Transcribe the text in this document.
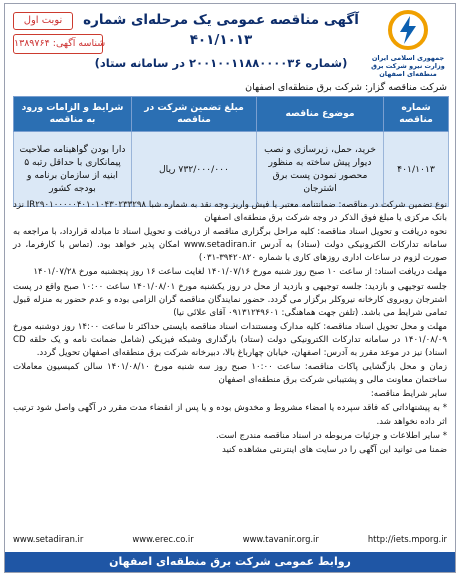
جمهوری اسلامی ایران وزارت نیرو شرکت برق منطقه‌ای اصفهان
آگهی مناقصه عمومی یک مرحله‌ای شماره ۴۰۱/۱۰۱۳
(شماره ۲۰۰۱۰۰۱۱۸۸۰۰۰۰۳۶ در سامانه ستاد)
نوبت اول
شناسه آگهی: ۱۳۸۹۷۶۴
شرکت مناقصه گزار: شرکت برق منطقه‌ای اصفهان
شماره مناقصه	موضوع مناقصه	مبلغ تضمین شرکت در مناقصه	شرایط و الزامات ورود به مناقصه
۴۰۱/۱۰۱۳	خرید، حمل، زیرسازی و نصب دیوار پیش ساخته به منظور محصور نمودن پست برق اشترجان	۷۳۲/۰۰۰/۰۰۰ ریال	دارا بودن گواهینامه صلاحیت پیمانکاری با حداقل رتبه ۵ ابنیه از سازمان برنامه و بودجه کشور

نوع تضمین شرکت در مناقصه: ضمانتنامه معتبر یا فیش واریز وجه نقد به شماره شبا IR۲۹۰۱۰۰۰۰۰۴۰۱۰۱۰۴۳۰۲۳۳۲۹۸ نزد بانک مرکزی یا مبلغ فوق الذکر در وجه شرکت برق منطقه‌ای اصفهان

نحوه دریافت و تحویل اسناد مناقصه: کلیه مراحل برگزاری مناقصه از دریافت و تحویل اسناد تا مبادله قرارداد، با مراجعه به سامانه تدارکات الکترونیکی دولت (ستاد) به آدرس www.setadiran.ir امکان پذیر خواهد بود. (تماس با کارفرما، در صورت لزوم در ساعات اداری روزهای کاری با شماره ۳۹۴۲۰۸۲۰-۰۳۱)

مهلت دریافت اسناد: از ساعت ۱۰ صبح روز شنبه مورخ ۱۴۰۱/۰۷/۱۶ لغایت ساعت ۱۶ روز پنجشنبه مورخ ۱۴۰۱/۰۷/۲۸

جلسه توجیهی و بازدید: جلسه توجیهی و بازدید از محل در روز یکشنبه مورخ ۱۴۰۱/۰۸/۰۱ ساعت ۱۰:۰۰ صبح واقع در پست اشترجان روبروی کارخانه نیروکلر برگزار می گردد. حضور نمایندگان مناقصه گران الزامی بوده و عدم حضور به منزله قبول تمامی شرایط می باشد. (تلفن جهت هماهنگی: ۰۹۱۳۱۲۴۹۶۰۱ آقای علائی نیا)

مهلت و محل تحویل اسناد مناقصه: کلیه مدارک ومستندات اسناد مناقصه بایستی حداکثر تا ساعت ۱۴:۰۰ روز دوشنبه مورخ ۱۴۰۱/۰۸/۰۹ در سامانه تدارکات الکترونیکی دولت (ستاد) بارگذاری وشبکه فیزیکی (شامل ضمانت نامه و یک حلقه CD اسناد) نیز در موعد مقرر به آدرس: اصفهان، خیابان چهارباغ بالا، دبیرخانه شرکت برق منطقه‌ای اصفهان تحویل گردد.

زمان و محل بازگشایی پاکات مناقصه: ساعت ۱۰:۰۰ صبح روز سه شنبه مورخ ۱۴۰۱/۰۸/۱۰ سالن کمیسیون معاملات ساختمان معاونت مالی و پشتیبانی شرکت برق منطقه‌ای اصفهان

سایر شرایط مناقصه:

* به پیشنهاداتی که فاقد سپرده یا امضاء مشروط و مخدوش بوده و یا پس از انقضاء مدت مقرر در آگهی واصل شود ترتیب اثر داده نخواهد شد.

* سایر اطلاعات و جزئیات مربوطه در اسناد مناقصه مندرج است.

ضمنا می توانید این آگهی را در سایت های اینترنتی مشاهده کنید

www.setadiran.ir	www.erec.co.ir	www.tavanir.org.ir	http://iets.mporg.ir
روابط عمومی شرکت برق منطقه‌ای اصفهان
